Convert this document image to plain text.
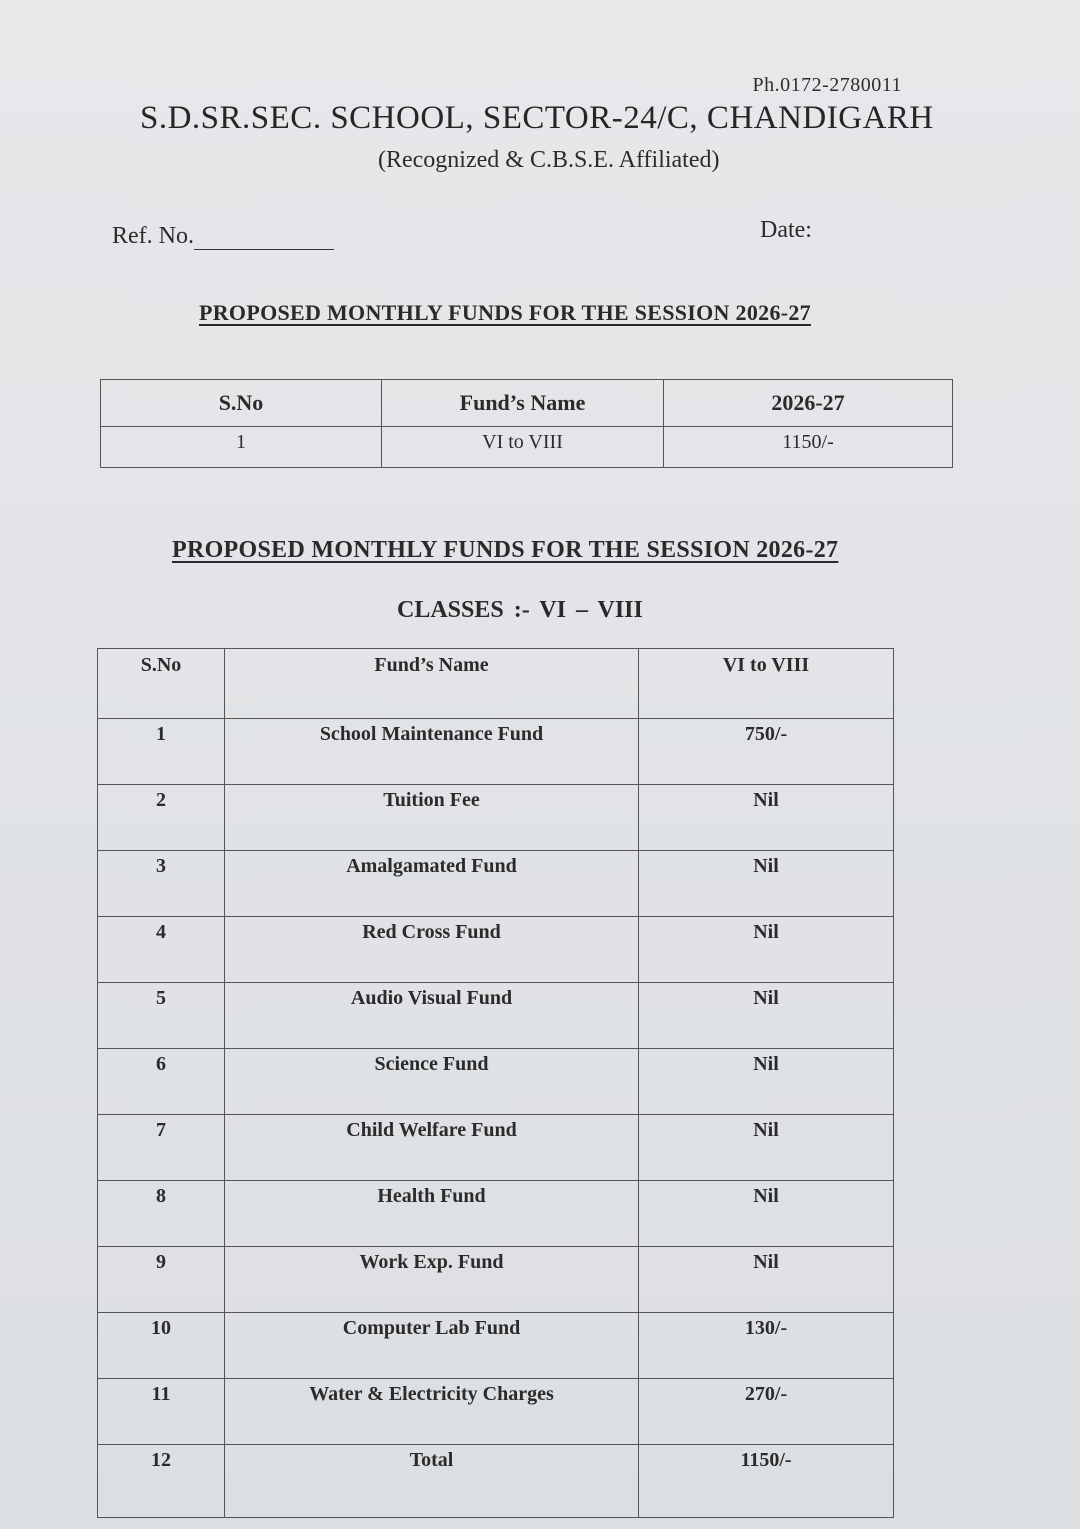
Ph.0172-2780011
S.D.SR.SEC. SCHOOL, SECTOR-24/C, CHANDIGARH
(Recognized & C.B.S.E. Affiliated)
Ref. No.	Date:
PROPOSED MONTHLY FUNDS FOR THE SESSION 2026-27
S.No	Fund’s Name	2026-27
1	VI to VIII	1150/-
PROPOSED MONTHLY FUNDS FOR THE SESSION 2026-27
CLASSES :- VI – VIII
S.No	Fund’s Name	VI to VIII
1	School Maintenance Fund	750/-
2	Tuition Fee	Nil
3	Amalgamated Fund	Nil
4	Red Cross Fund	Nil
5	Audio Visual Fund	Nil
6	Science Fund	Nil
7	Child Welfare Fund	Nil
8	Health Fund	Nil
9	Work Exp. Fund	Nil
10	Computer Lab Fund	130/-
11	Water & Electricity Charges	270/-
12	Total	1150/-
